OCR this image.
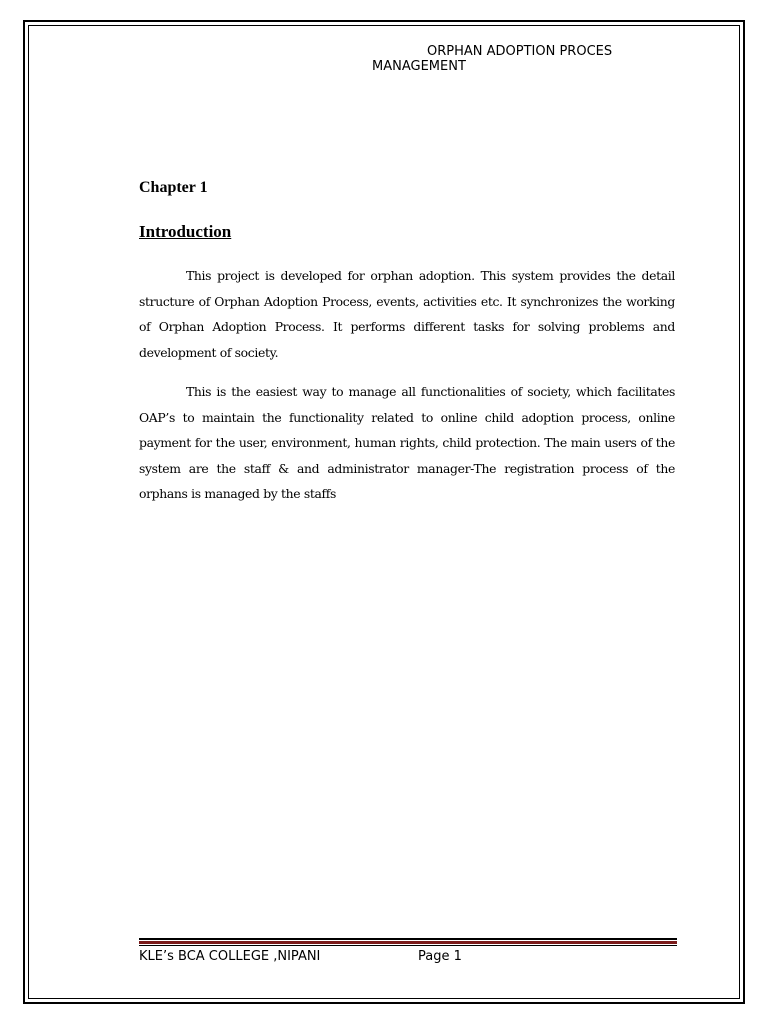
ORPHAN ADOPTION PROCES
MANAGEMENT
Chapter 1
Introduction

This project is developed for orphan adoption. This system provides the detail structure of Orphan Adoption Process, events, activities etc. It synchronizes the working of Orphan Adoption Process. It performs different tasks for solving problems and development of society.

This is the easiest way to manage all functionalities of society, which facilitates OAP’s to maintain the functionality related to online child adoption process, online payment for the user, environment, human rights, child protection. The main users of the system are the staff & and administrator manager-The registration process of the orphans is managed by the staffs

KLE’s BCA COLLEGE ,NIPANI	Page 1
